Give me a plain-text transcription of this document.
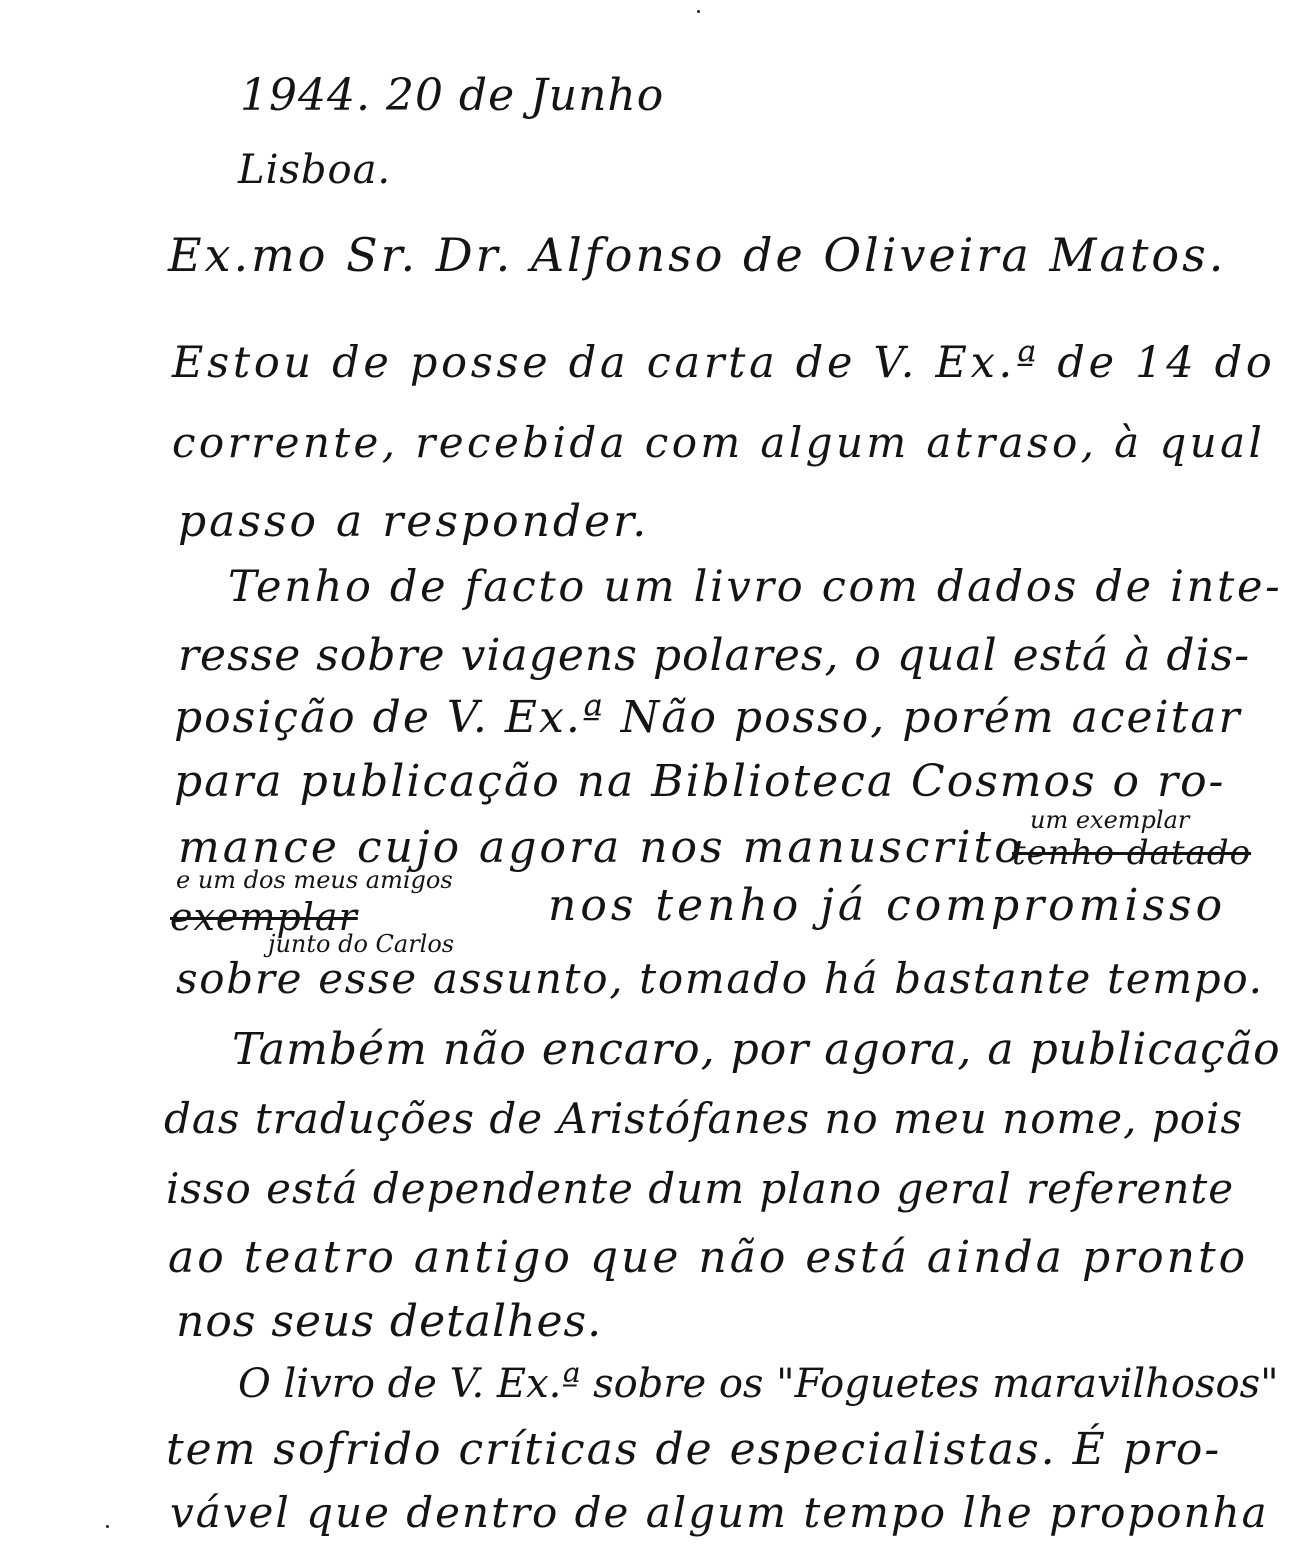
1944. 20 de Junho
Lisboa.
Ex.mo Sr. Dr. Alfonso de Oliveira Matos.
Estou de posse da carta de V. Ex.ª de 14 do
corrente, recebida com algum atraso, à qual
passo a responder.
Tenho de facto um livro com dados de inte-
resse sobre viagens polares, o qual está à dis-
posição de V. Ex.ª Não posso, porém aceitar
para publicação na Biblioteca Cosmos o ro-
um exemplar
mance cujo agora nos manuscrito
tenho datado
e um dos meus amigos
exemplar	nos tenho já compromisso
junto do Carlos
sobre esse assunto, tomado há bastante tempo.
Também não encaro, por agora, a publicação
das traduções de Aristófanes no meu nome, pois
isso está dependente dum plano geral referente
ao teatro antigo que não está ainda pronto
nos seus detalhes.
O livro de V. Ex.ª sobre os "Foguetes maravilhosos"
tem sofrido críticas de especialistas. É pro-
vável que dentro de algum tempo lhe proponha
